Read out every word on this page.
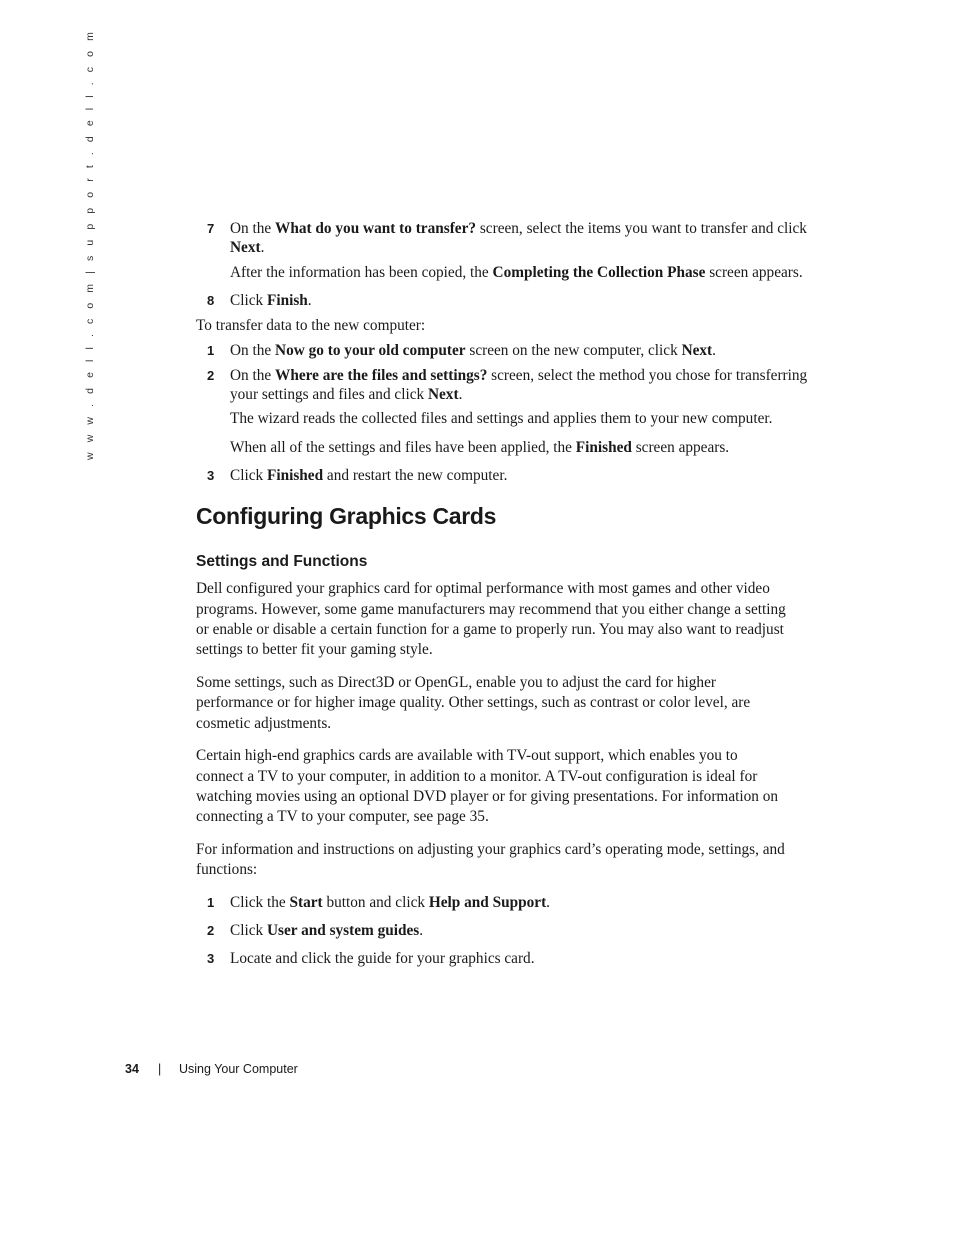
w w w . d e l l . c o m | s u p p o r t . d e l l . c o m	7 On the What do you want to transfer? screen, select the items you want to transfer and click
Next.
After the information has been copied, the Completing the Collection Phase screen appears.
8 Click Finish.
To transfer data to the new computer:
1 On the Now go to your old computer screen on the new computer, click Next.
2 On the Where are the files and settings? screen, select the method you chose for transferring
your settings and files and click Next.
The wizard reads the collected files and settings and applies them to your new computer.
When all of the settings and files have been applied, the Finished screen appears.
3 Click Finished and restart the new computer.
Configuring Graphics Cards
Settings and Functions
Dell configured your graphics card for optimal performance with most games and other video
programs. However, some game manufacturers may recommend that you either change a setting
or enable or disable a certain function for a game to properly run. You may also want to readjust
settings to better fit your gaming style.
Some settings, such as Direct3D or OpenGL, enable you to adjust the card for higher
performance or for higher image quality. Other settings, such as contrast or color level, are
cosmetic adjustments.
Certain high-end graphics cards are available with TV-out support, which enables you to
connect a TV to your computer, in addition to a monitor. A TV-out configuration is ideal for
watching movies using an optional DVD player or for giving presentations. For information on
connecting a TV to your computer, see page 35.
For information and instructions on adjusting your graphics card’s operating mode, settings, and
functions:
1 Click the Start button and click Help and Support.
2 Click User and system guides.
3 Locate and click the guide for your graphics card.
34 | Using Your Computer
